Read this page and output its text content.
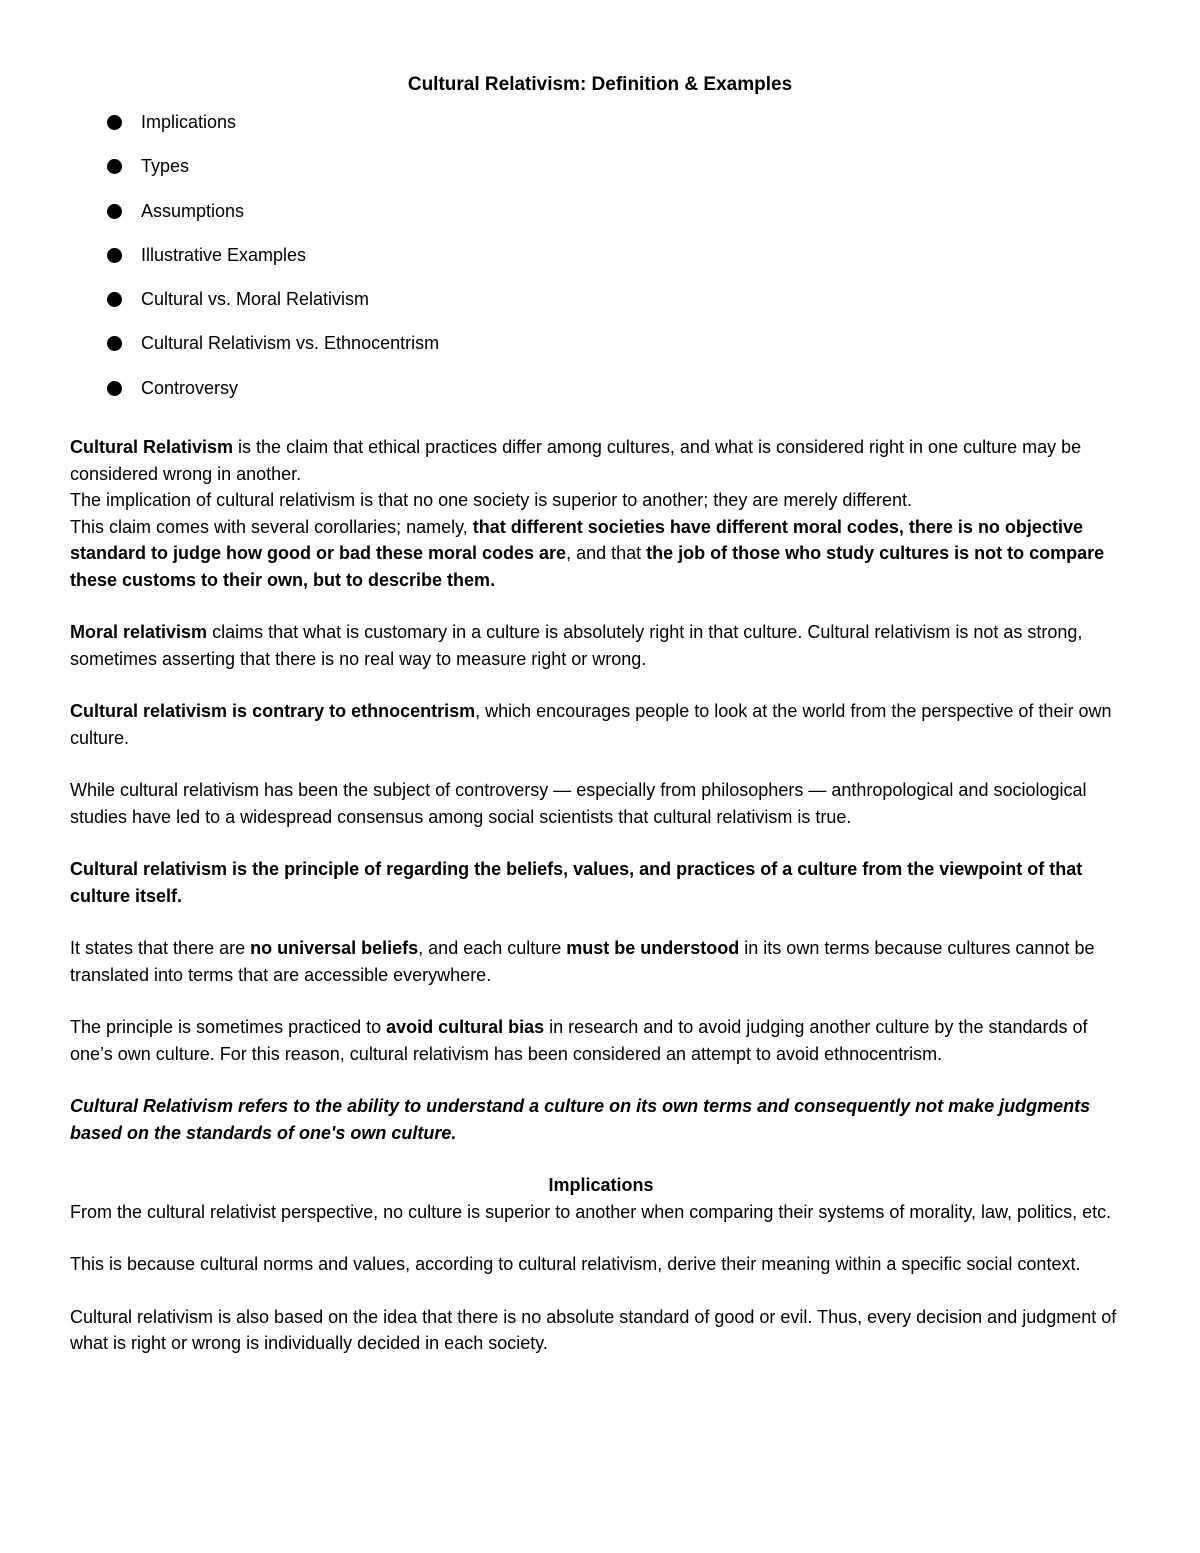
Cultural Relativism: Definition & Examples
Implications
Types
Assumptions
Illustrative Examples
Cultural vs. Moral Relativism
Cultural Relativism vs. Ethnocentrism
Controversy

Cultural Relativism is the claim that ethical practices differ among cultures, and what is considered right in one culture may be considered wrong in another.

The implication of cultural relativism is that no one society is superior to another; they are merely different.

This claim comes with several corollaries; namely, that different societies have different moral codes, there is no objective standard to judge how good or bad these moral codes are, and that the job of those who study cultures is not to compare these customs to their own, but to describe them.

Moral relativism claims that what is customary in a culture is absolutely right in that culture. Cultural relativism is not as strong, sometimes asserting that there is no real way to measure right or wrong.

Cultural relativism is contrary to ethnocentrism, which encourages people to look at the world from the perspective of their own culture.

While cultural relativism has been the subject of controversy — especially from philosophers — anthropological and sociological studies have led to a widespread consensus among social scientists that cultural relativism is true.

Cultural relativism is the principle of regarding the beliefs, values, and practices of a culture from the viewpoint of that culture itself.

It states that there are no universal beliefs, and each culture must be understood in its own terms because cultures cannot be translated into terms that are accessible everywhere.

The principle is sometimes practiced to avoid cultural bias in research and to avoid judging another culture by the standards of one’s own culture. For this reason, cultural relativism has been considered an attempt to avoid ethnocentrism.

Cultural Relativism refers to the ability to understand a culture on its own terms and consequently not make judgments based on the standards of one's own culture.

Implications

From the cultural relativist perspective, no culture is superior to another when comparing their systems of morality, law, politics, etc.

This is because cultural norms and values, according to cultural relativism, derive their meaning within a specific social context.

Cultural relativism is also based on the idea that there is no absolute standard of good or evil. Thus, every decision and judgment of what is right or wrong is individually decided in each society.
